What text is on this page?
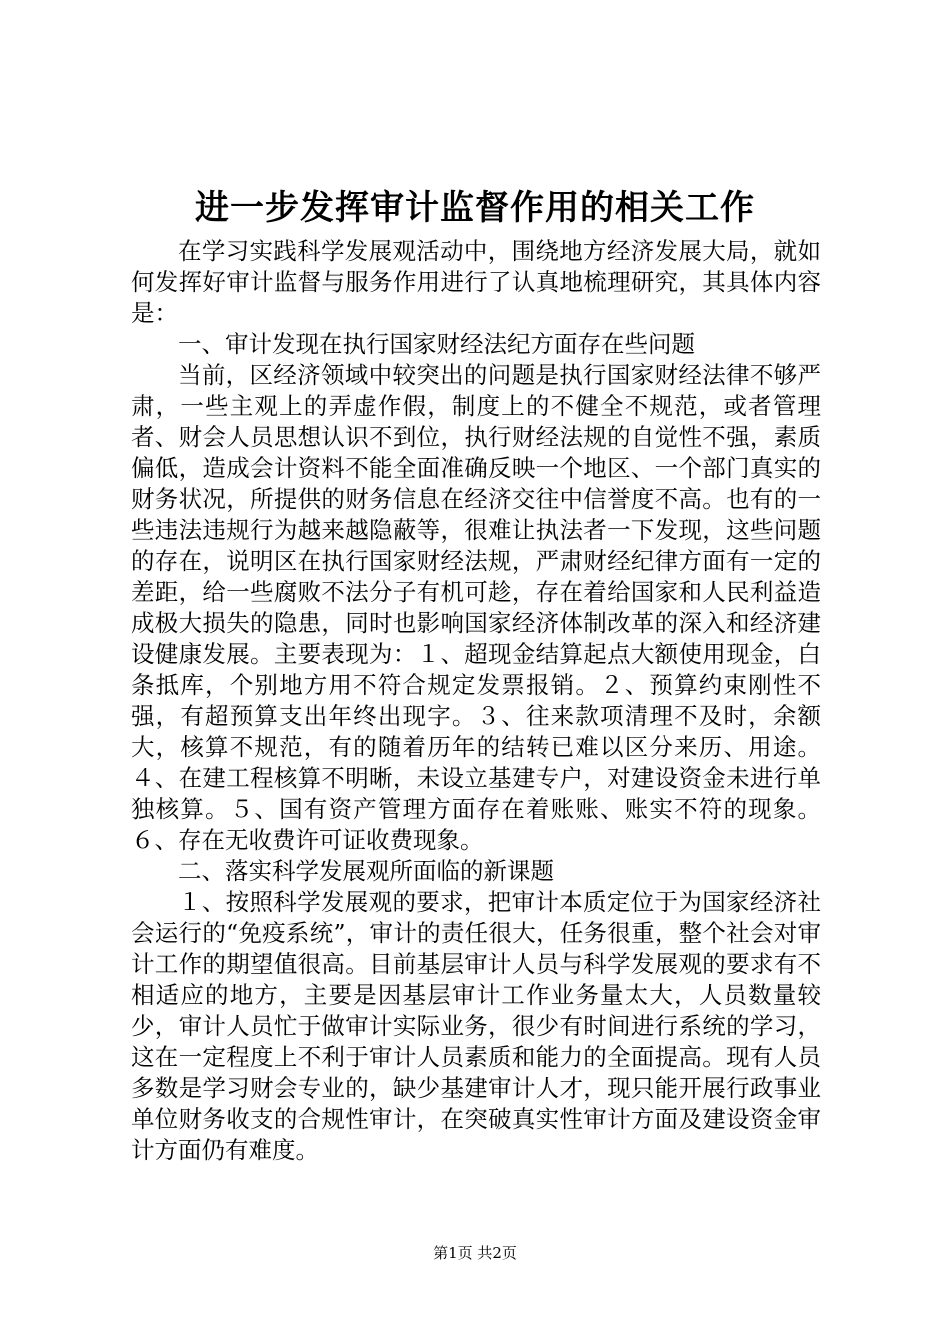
进一步发挥审计监督作用的相关工作

在学习实践科学发展观活动中，围绕地方经济发展大局，就如何发挥好审计监督与服务作用进行了认真地梳理研究，其具体内容是：

一、审计发现在执行国家财经法纪方面存在些问题

当前，区经济领域中较突出的问题是执行国家财经法律不够严肃，一些主观上的弄虚作假，制度上的不健全不规范，或者管理者、财会人员思想认识不到位，执行财经法规的自觉性不强，素质偏低，造成会计资料不能全面准确反映一个地区、一个部门真实的财务状况，所提供的财务信息在经济交往中信誉度不高。也有的一些违法违规行为越来越隐蔽等，很难让执法者一下发现，这些问题的存在，说明区在执行国家财经法规，严肃财经纪律方面有一定的差距，给一些腐败不法分子有机可趁，存在着给国家和人民利益造成极大损失的隐患，同时也影响国家经济体制改革的深入和经济建设健康发展。主要表现为：１、超现金结算起点大额使用现金，白条抵库，个别地方用不符合规定发票报销。２、预算约束刚性不强，有超预算支出年终出现字。３、往来款项清理不及时，余额大，核算不规范，有的随着历年的结转已难以区分来历、用途。４、在建工程核算不明晰，未设立基建专户，对建设资金未进行单独核算。５、国有资产管理方面存在着账账、账实不符的现象。６、存在无收费许可证收费现象。

二、落实科学发展观所面临的新课题

１、按照科学发展观的要求，把审计本质定位于为国家经济社会运行的“免疫系统”，审计的责任很大，任务很重，整个社会对审计工作的期望值很高。目前基层审计人员与科学发展观的要求有不相适应的地方，主要是因基层审计工作业务量太大，人员数量较少，审计人员忙于做审计实际业务，很少有时间进行系统的学习，这在一定程度上不利于审计人员素质和能力的全面提高。现有人员多数是学习财会专业的，缺少基建审计人才，现只能开展行政事业单位财务收支的合规性审计，在突破真实性审计方面及建设资金审计方面仍有难度。

第1页 共2页
